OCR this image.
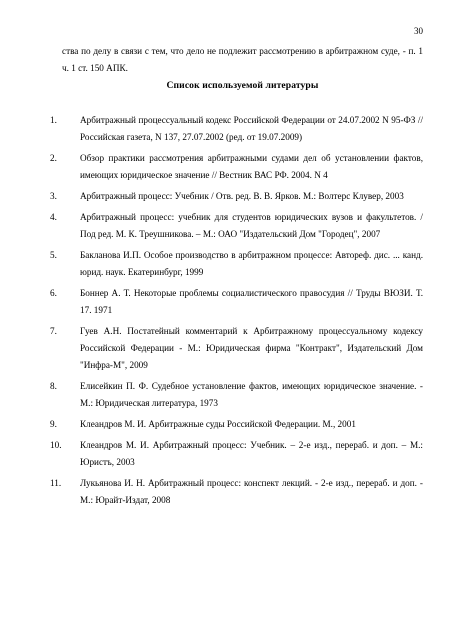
30
ства по делу в связи с тем, что дело не подлежит рассмотрению в арбитражном суде, - п. 1 ч. 1 ст. 150 АПК.
Список используемой литературы
1.	Арбитражный процессуальный кодекс Российской Федерации от 24.07.2002 N 95-ФЗ // Российская газета, N 137, 27.07.2002 (ред. от 19.07.2009)
2.	Обзор практики рассмотрения арбитражными судами дел об установлении фактов, имеющих юридическое значение // Вестник ВАС РФ. 2004. N 4
3.	Арбитражный процесс: Учебник / Отв. ред. В. В. Ярков. М.: Волтерс Клувер, 2003
4.	Арбитражный процесс: учебник для студентов юридических вузов и факультетов. / Под ред. М. К. Треушникова. – М.: ОАО "Издательский Дом "Городец", 2007
5.	Бакланова И.П. Особое производство в арбитражном процессе: Автореф. дис. ... канд. юрид. наук. Екатеринбург, 1999
6.	Боннер А. Т. Некоторые проблемы социалистического правосудия // Труды ВЮЗИ. Т. 17. 1971
7.	Гуев А.Н. Постатейный комментарий к Арбитражному процессуальному кодексу Российской Федерации - М.: Юридическая фирма "Контракт", Издательский Дом "Инфра-М", 2009
8.	Елисейкин П. Ф. Судебное установление фактов, имеющих юридическое значение. - М.: Юридическая литература, 1973
9.	Клеандров М. И. Арбитражные суды Российской Федерации. М., 2001
10.	Клеандров М. И. Арбитражный процесс: Учебник. – 2-е изд., перераб. и доп. – М.: Юристъ, 2003
11.	Лукьянова И. Н. Арбитражный процесс: конспект лекций. - 2-е изд., перераб. и доп. - М.: Юрайт-Издат, 2008
